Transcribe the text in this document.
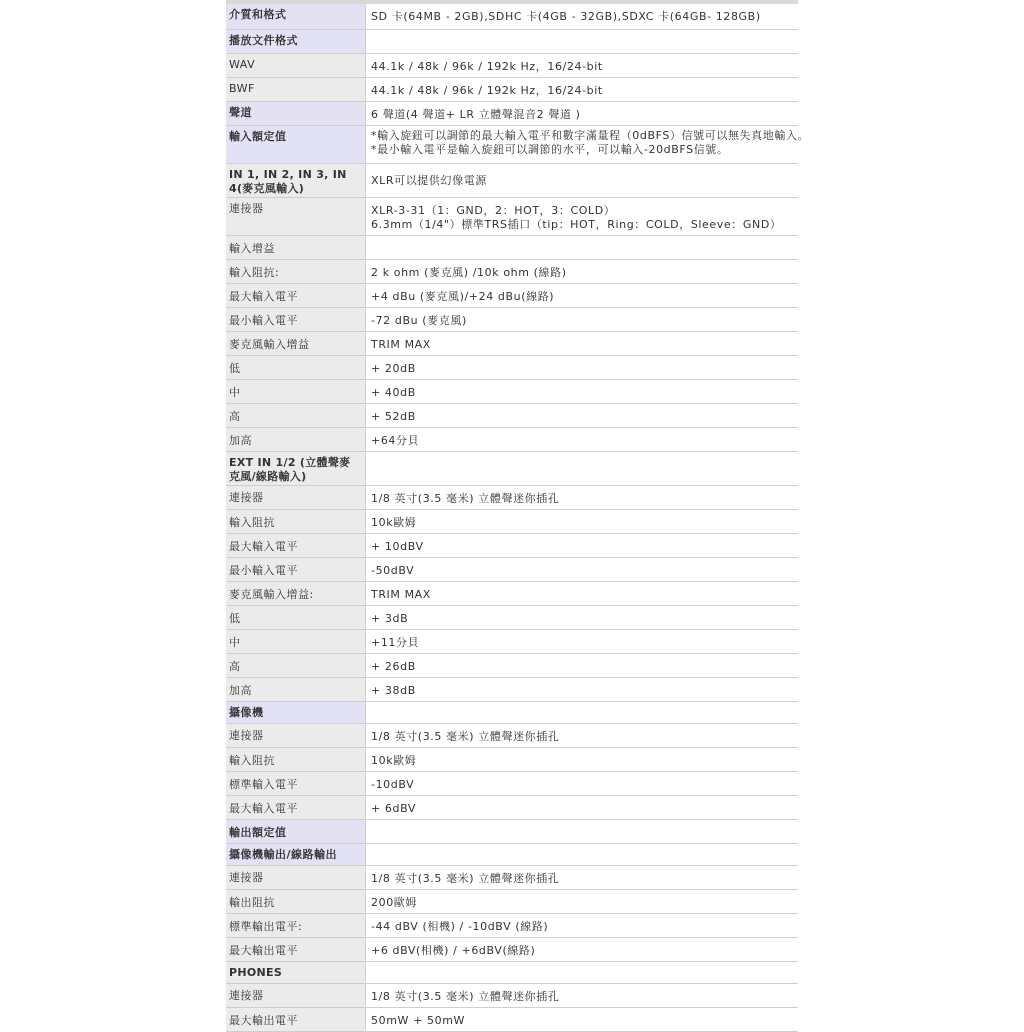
介質和格式	SD 卡(64MB - 2GB),SDHC 卡(4GB - 32GB),SDXC 卡(64GB- 128GB)
播放文件格式
WAV	44.1k / 48k / 96k / 192k Hz，16/24-bit
BWF	44.1k / 48k / 96k / 192k Hz，16/24-bit
聲道	6 聲道(4 聲道+ LR 立體聲混音2 聲道 )
輸入額定值	*輸入旋鈕可以調節的最大輸入電平和數字滿量程（0dBFS）信號可以無失真地輸入。
*最小輸入電平是輸入旋鈕可以調節的水平，可以輸入-20dBFS信號。
IN 1, IN 2, IN 3, IN 4(麥克風輸入)
XLR可以提供幻像電源
連接器	XLR-3-31（1：GND，2：HOT，3：COLD）
6.3mm（1/4"）標準TRS插口（tip：HOT，Ring：COLD，Sleeve：GND）
輸入增益
輸入阻抗:	2 k ohm (麥克風) /10k ohm (線路)
最大輸入電平	+4 dBu (麥克風)/+24 dBu(線路)
最小輸入電平	-72 dBu (麥克風)
麥克風輸入增益	TRIM MAX
低	+ 20dB
中	+ 40dB
高	+ 52dB
加高	+64分貝
EXT IN 1/2 (立體聲麥克風/線路輸入)
連接器	1/8 英寸(3.5 毫米) 立體聲迷你插孔
輸入阻抗	10k歐姆
最大輸入電平	+ 10dBV
最小輸入電平	-50dBV
麥克風輸入增益:	TRIM MAX
低	+ 3dB
中	+11分貝
高	+ 26dB
加高	+ 38dB
攝像機
連接器	1/8 英寸(3.5 毫米) 立體聲迷你插孔
輸入阻抗	10k歐姆
標準輸入電平	-10dBV
最大輸入電平	+ 6dBV
輸出額定值
攝像機輸出/線路輸出
連接器	1/8 英寸(3.5 毫米) 立體聲迷你插孔
輸出阻抗	200歐姆
標準輸出電平:	-44 dBV (相機) / -10dBV (線路)
最大輸出電平	+6 dBV(相機) / +6dBV(線路)
PHONES
連接器	1/8 英寸(3.5 毫米) 立體聲迷你插孔
最大輸出電平	50mW + 50mW
